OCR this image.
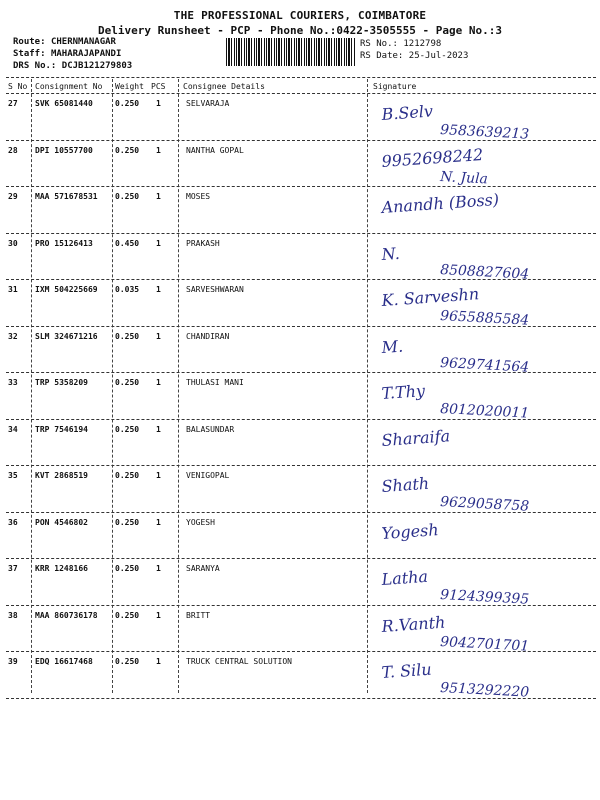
THE PROFESSIONAL COURIERS, COIMBATORE
Delivery Runsheet - PCP - Phone No.:0422-3505555 - Page No.:3
Route: CHERNMANAGAR
Staff: MAHARAJAPANDI
DRS No.: DCJB121279803
RS No.: 1212798
RS Date: 25-Jul-2023
S No Consignment No Weight PCS Consignee Details	Signature
27 SVK 65081440	0.250 1	SELVARAJA	B.Selv
9583639213
28 DPI 10557700	0.250 1	NANTHA GOPAL	9952698242
N. Jula
29 MAA 571678531 0.250 1	MOSES	Anandh (Boss)
30 PRO 15126413	0.450 1	PRAKASH
N.
8508827604
31 IXM 504225669 0.035 1	SARVESHWARAN	K. Sarveshn
9655885584
32 SLM 324671216 0.250 1	CHANDIRAN
M.
9629741564
33 TRP 5358209	0.250 1	THULASI MANI	T.Thy
8012020011
34 TRP 7546194	0.250 1	BALASUNDAR	Sharaifa
35 KVT 2868519	0.250 1	VENIGOPAL	Shath
9629058758
36 PON 4546802	0.250 1	YOGESH	Yogesh
37 KRR 1248166	0.250 1	SARANYA	Latha
9124399395
38 MAA 860736178 0.250 1	BRITT	R.Vanth
9042701701
39 EDQ 16617468	0.250 1	TRUCK CENTRAL SOLUTION	T. Silu
9513292220
